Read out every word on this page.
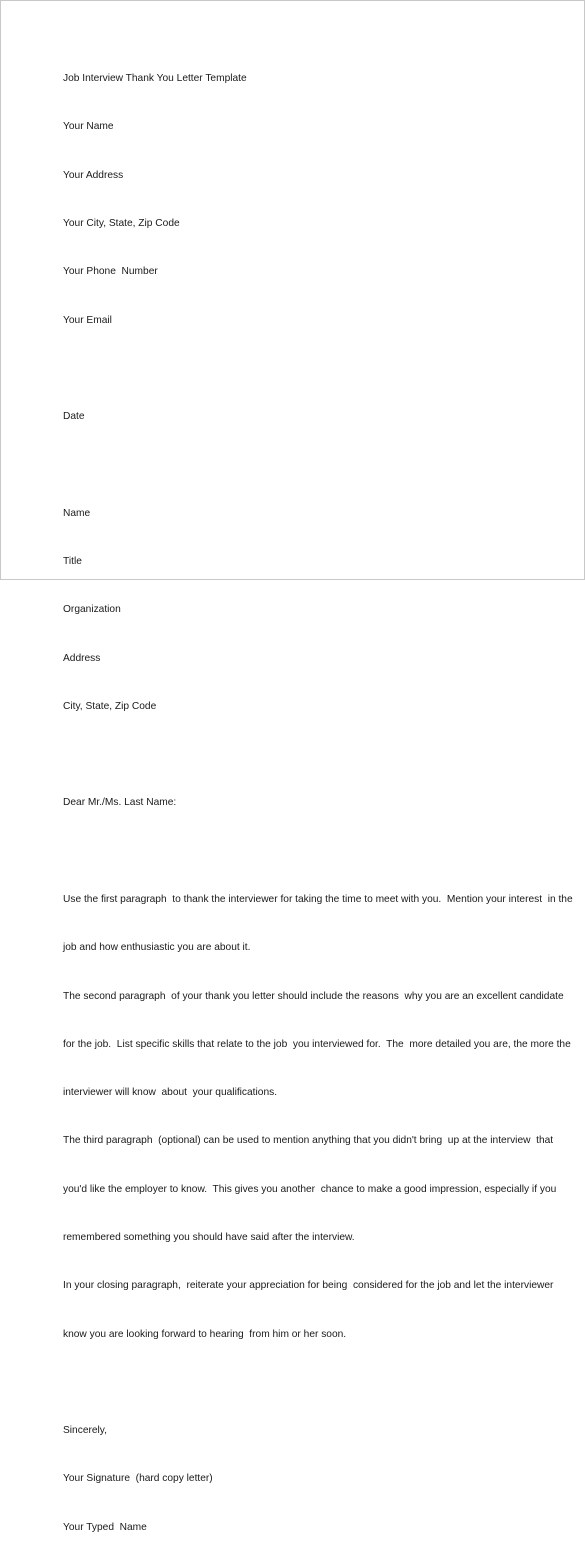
Job Interview Thank You Letter Template

Your Name

Your Address

Your City, State, Zip Code

Your Phone  Number

Your Email

Date

Name

Title

Organization

Address

City, State, Zip Code

Dear Mr./Ms. Last Name:

Use the first paragraph  to thank the interviewer for taking the time to meet with you.  Mention your interest  in the

job and how enthusiastic you are about it.

The second paragraph  of your thank you letter should include the reasons  why you are an excellent candidate

for the job.  List specific skills that relate to the job  you interviewed for.  The  more detailed you are, the more the

interviewer will know  about  your qualifications.

The third paragraph  (optional) can be used to mention anything that you didn't bring  up at the interview  that

you'd like the employer to know.  This gives you another  chance to make a good impression, especially if you

remembered something you should have said after the interview.

In your closing paragraph,  reiterate your appreciation for being  considered for the job and let the interviewer

know you are looking forward to hearing  from him or her soon.

Sincerely,

Your Signature  (hard copy letter)

Your Typed  Name
